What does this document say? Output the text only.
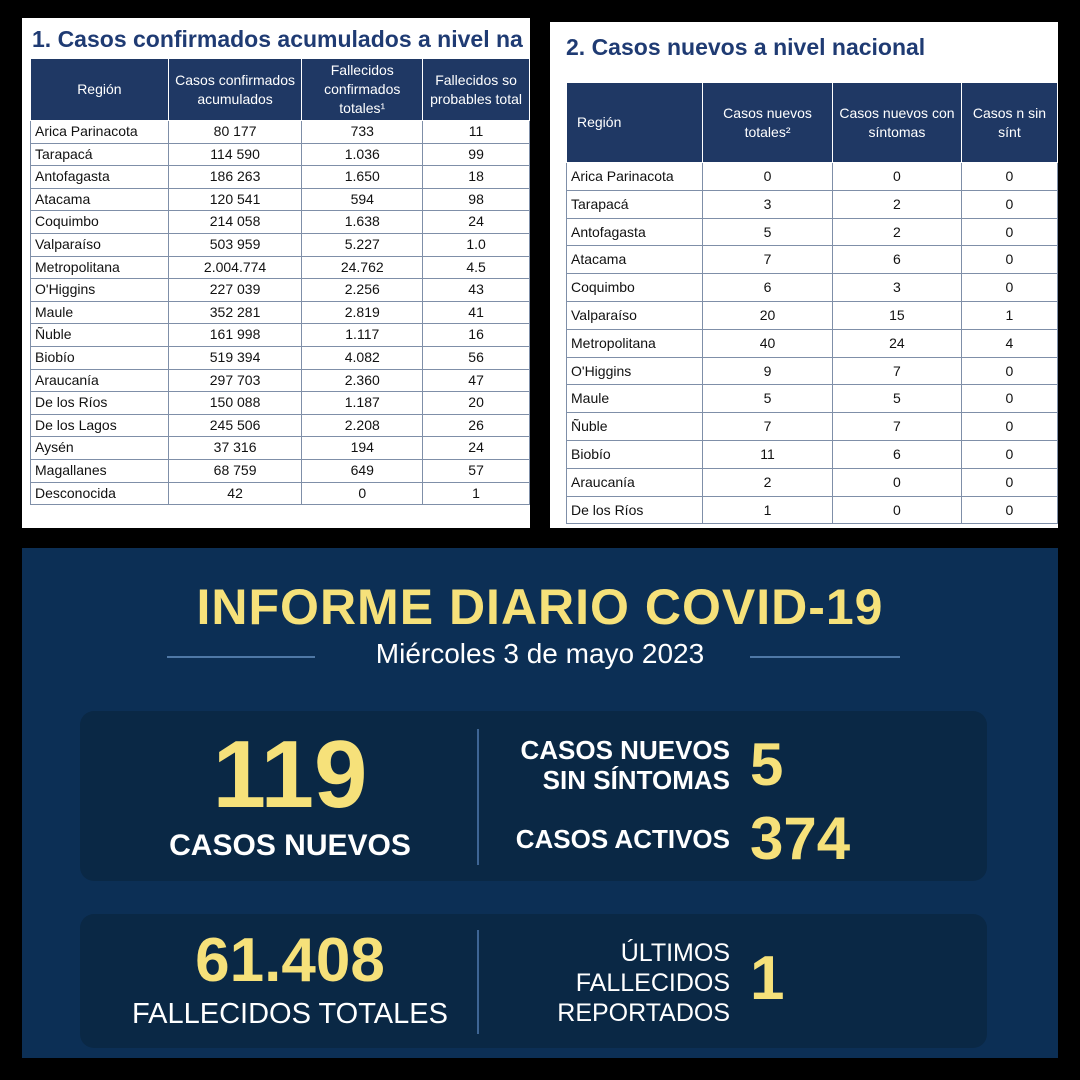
1. Casos confirmados acumulados a nivel na
Región	Casos confirmados acumulados	Fallecidos confirmados totales¹	Fallecidos so probables total
Arica Parinacota	80 177	733	11
Tarapacá	114 590	1.036	99
Antofagasta	186 263	1.650	18
Atacama	120 541	594	98
Coquimbo	214 058	1.638	24
Valparaíso	503 959	5.227	1.0
Metropolitana	2.004.774	24.762	4.5
O'Higgins	227 039	2.256	43
Maule	352 281	2.819	41
Ñuble	161 998	1.117	16
Biobío	519 394	4.082	56
Araucanía	297 703	2.360	47
De los Ríos	150 088	1.187	20
De los Lagos	245 506	2.208	26
Aysén	37 316	194	24
Magallanes	68 759	649	57
Desconocida	42	0	1
2. Casos nuevos a nivel nacional
Región	Casos nuevos totales²	Casos nuevos con síntomas	Casos n sin sínt
Arica Parinacota	0	0	0
Tarapacá	3	2	0
Antofagasta	5	2	0
Atacama	7	6	0
Coquimbo	6	3	0
Valparaíso	20	15	1
Metropolitana	40	24	4
O'Higgins	9	7	0
Maule	5	5	0
Ñuble	7	7	0
Biobío	11	6	0
Araucanía	2	0	0
De los Ríos	1	0	0
INFORME DIARIO COVID-19
Miércoles 3 de mayo 2023
119
CASOS NUEVOS
CASOS NUEVOS
SIN SÍNTOMAS 5
CASOS ACTIVOS 374
61.408
FALLECIDOS TOTALES
ÚLTIMOS
FALLECIDOS
REPORTADOS 1
